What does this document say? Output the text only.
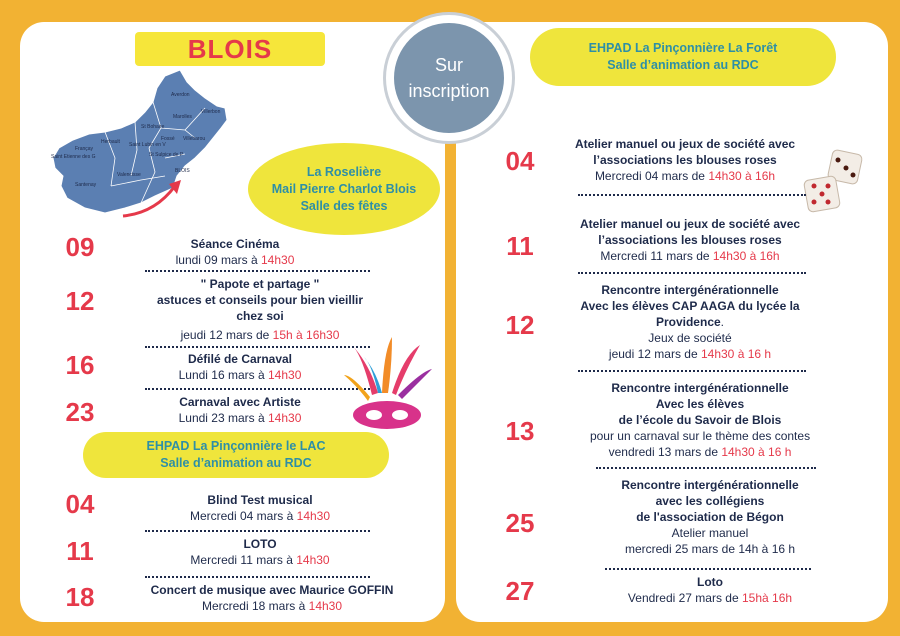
BLOIS
Averdon
Villerbon
Marolles
St Bohaire
Herbault Saint Lubin en V
Fossé Villebarou
St Sulpice de P
Françay
Saint Etienne des G
Valencisse
Santenay
BLOIS
Sur
inscription
La Roselière
Mail Pierre Charlot Blois
Salle des fêtes
09	Séance Cinéma
lundi 09 mars à 14h30
12
" Papote et partage "
astuces et conseils pour bien vieillir
chez soi
jeudi 12 mars de 15h à 16h30
16	Défilé de Carnaval
Lundi 16 mars à 14h30
23	Carnaval avec Artiste
Lundi 23 mars à 14h30
EHPAD La Pinçonnière le LAC
Salle d’animation au RDC
04	Blind Test musical
Mercredi 04 mars à 14h30
11	LOTO
Mercredi 11 mars à 14h30
18	Concert de musique avec Maurice GOFFIN
Mercredi 18 mars à 14h30
EHPAD La Pinçonnière La Forêt
Salle d’animation au RDC
04
Atelier manuel ou jeux de société avec
l’associations les blouses roses
Mercredi 04 mars de 14h30 à 16h
11
Atelier manuel ou jeux de société avec
l’associations les blouses roses
Mercredi 11 mars de 14h30 à 16h
12
Rencontre intergénérationnelle
Avec les élèves CAP AAGA du lycée la
Providence.
Jeux de société
jeudi 12 mars de 14h30 à 16 h
13
Rencontre intergénérationnelle
Avec les élèves
de l’école du Savoir de Blois
pour un carnaval sur le thème des contes
vendredi 13 mars de 14h30 à 16 h
25
Rencontre intergénérationnelle
avec les collégiens
de l'association de Bégon
Atelier manuel
mercredi 25 mars de 14h à 16 h
27	Loto
Vendredi 27 mars de 15hà 16h
